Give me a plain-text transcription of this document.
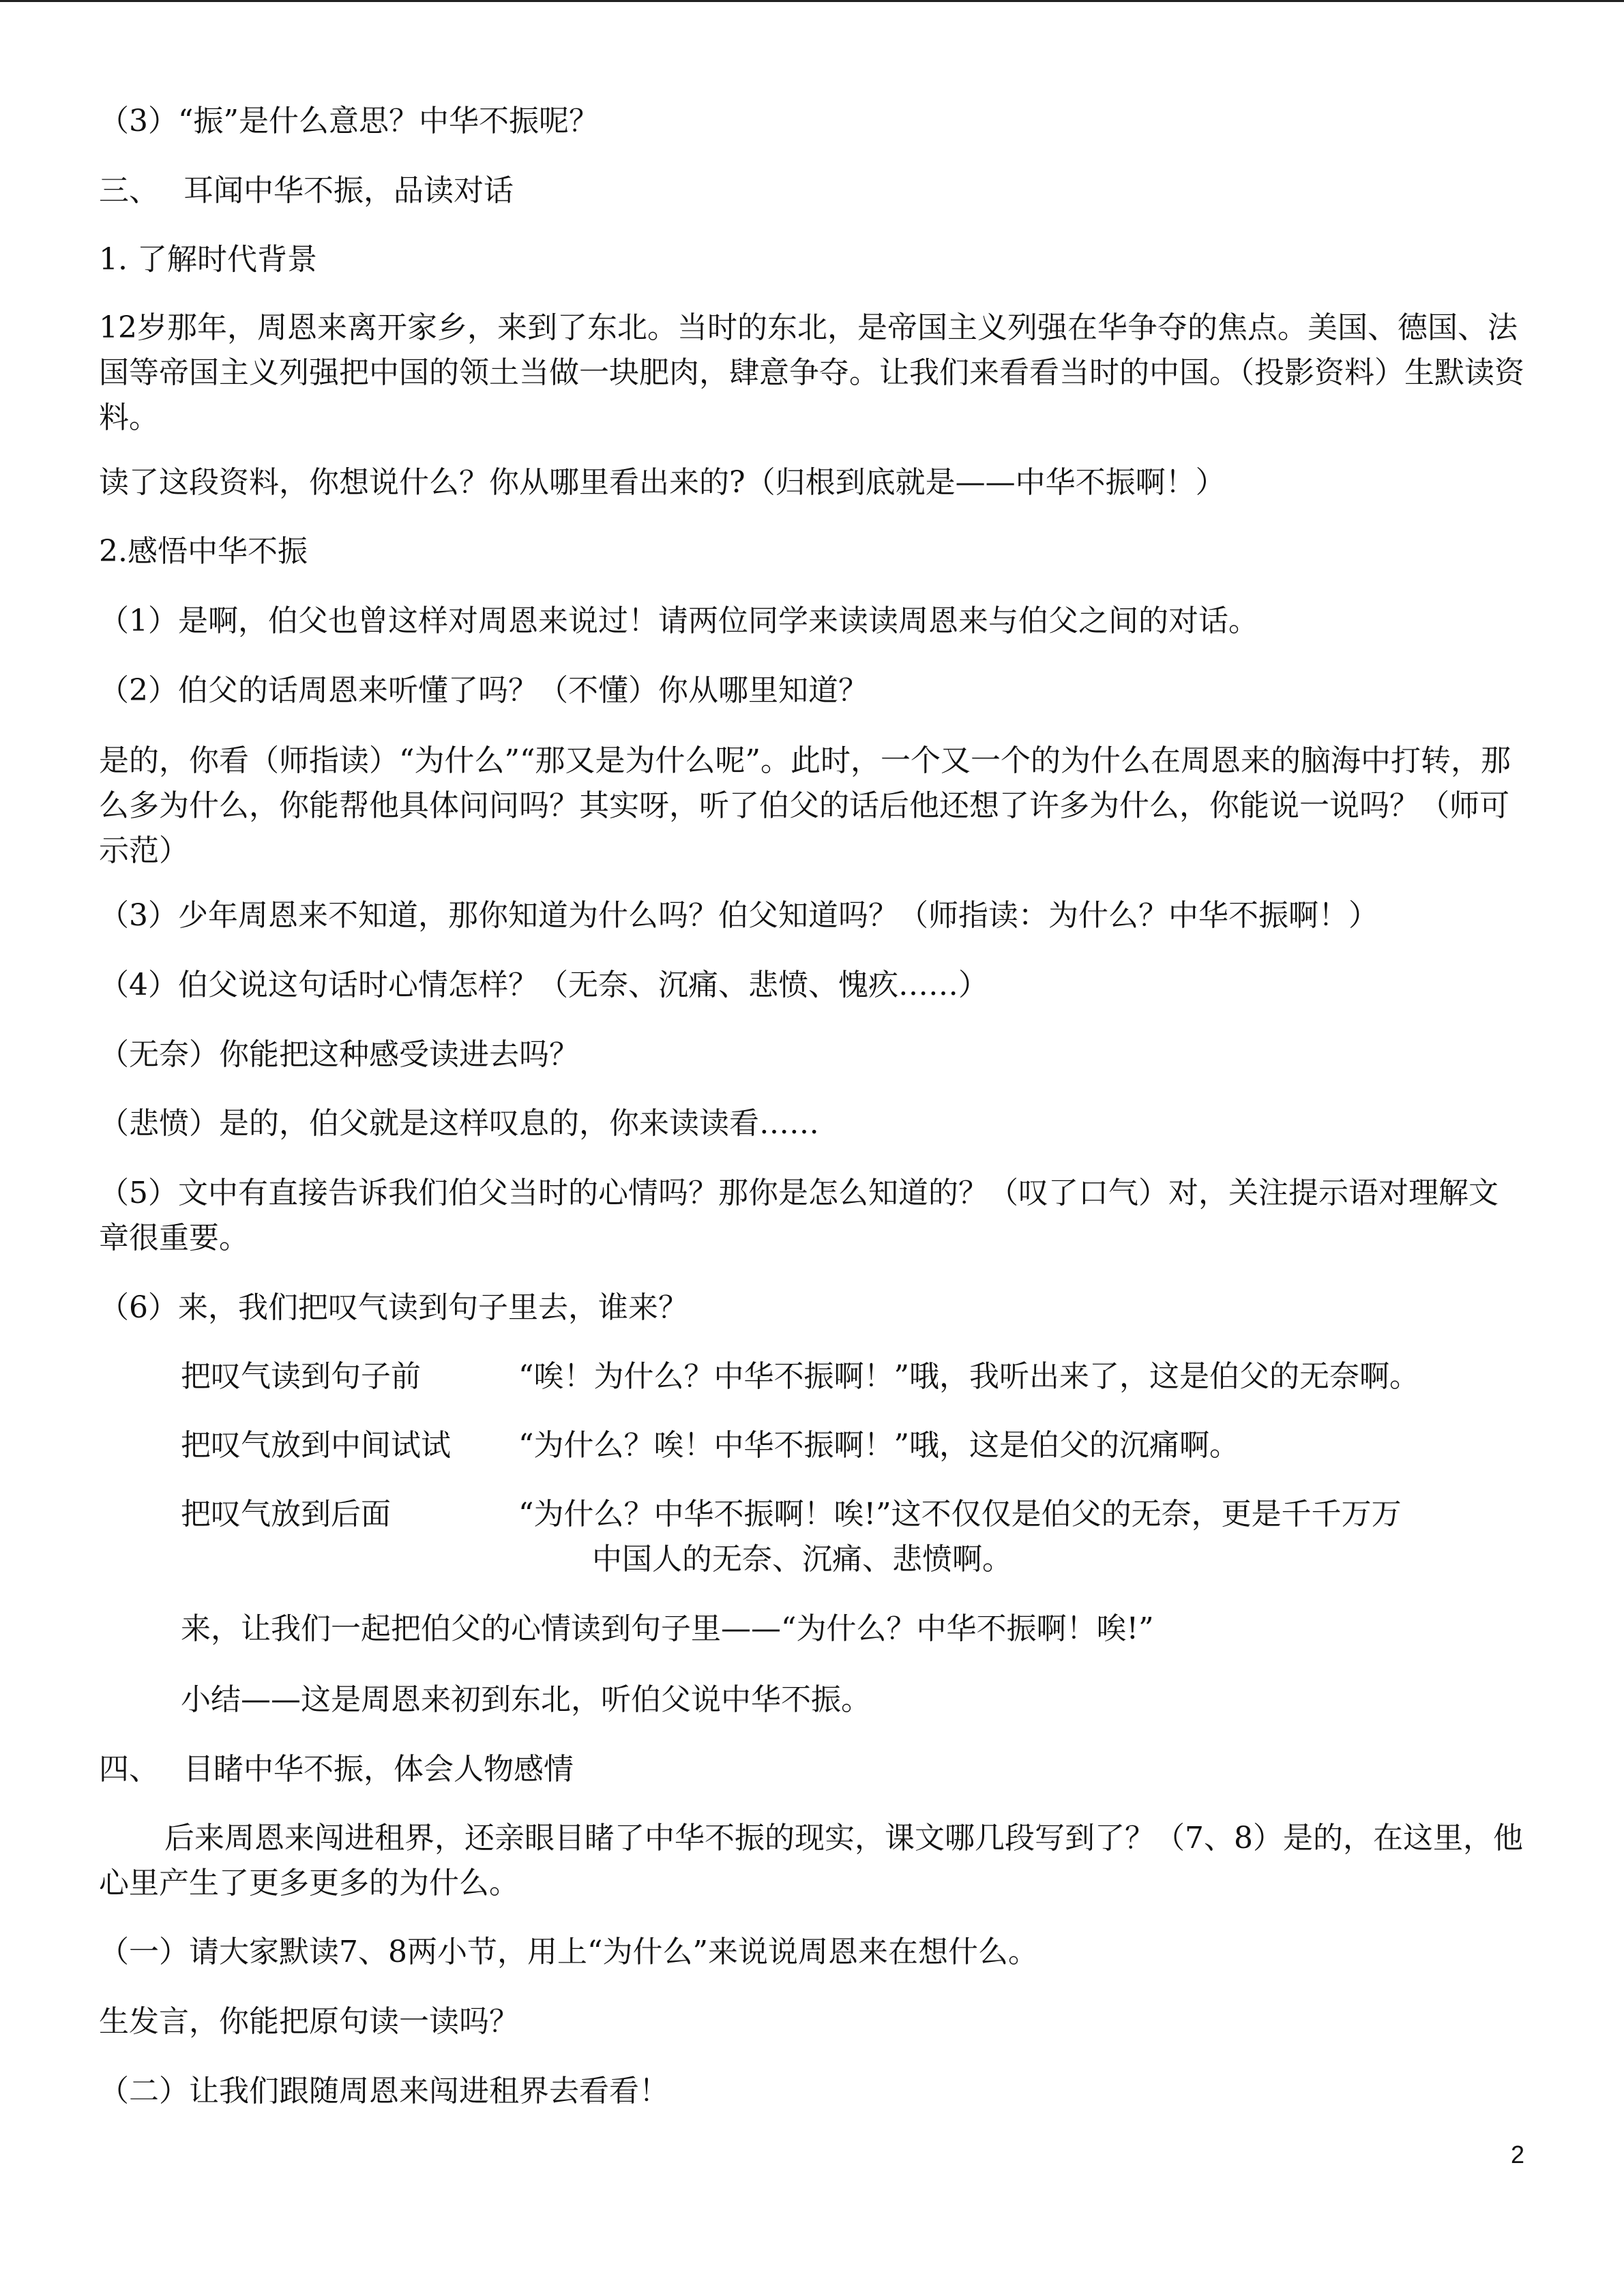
（3）“振”是什么意思？中华不振呢？

三、　 耳闻中华不振，品读对话

1. 了解时代背景

12岁那年，周恩来离开家乡，来到了东北。当时的东北，是帝国主义列强在华争夺的焦点。美国、德国、法国等帝国主义列强把中国的领土当做一块肥肉，肆意争夺。让我们来看看当时的中国。（投影资料）生默读资料。

读了这段资料，你想说什么？你从哪里看出来的?（归根到底就是——中华不振啊！）

2.感悟中华不振

（1）是啊，伯父也曾这样对周恩来说过！请两位同学来读读周恩来与伯父之间的对话。

（2）伯父的话周恩来听懂了吗？（不懂）你从哪里知道？

是的，你看（师指读）“为什么”“那又是为什么呢”。此时，一个又一个的为什么在周恩来的脑海中打转，那么多为什么，你能帮他具体问问吗？其实呀，听了伯父的话后他还想了许多为什么，你能说一说吗？（师可示范）

（3）少年周恩来不知道，那你知道为什么吗？伯父知道吗？（师指读：为什么？中华不振啊！）

（4）伯父说这句话时心情怎样？（无奈、沉痛、悲愤、愧疚……）

（无奈）你能把这种感受读进去吗？

（悲愤）是的，伯父就是这样叹息的，你来读读看……

（5）文中有直接告诉我们伯父当时的心情吗？那你是怎么知道的？（叹了口气）对，关注提示语对理解文章很重要。

（6）来，我们把叹气读到句子里去，谁来？

把叹气读到句子前	“唉！为什么？中华不振啊！”哦，我听出来了，这是伯父的无奈啊。
把叹气放到中间试试 “为什么？唉！中华不振啊！”哦，这是伯父的沉痛啊。
把叹气放到后面	“为什么？中华不振啊！唉!”这不仅仅是伯父的无奈，更是千千万万
中国人的无奈、沉痛、悲愤啊。
来，让我们一起把伯父的心情读到句子里——“为什么？中华不振啊！唉!”
小结——这是周恩来初到东北，听伯父说中华不振。

四、　 目睹中华不振，体会人物感情

后来周恩来闯进租界，还亲眼目睹了中华不振的现实，课文哪几段写到了？（7、8）是的，在这里，他心里产生了更多更多的为什么。

（一）请大家默读7、8两小节，用上“为什么”来说说周恩来在想什么。

生发言，你能把原句读一读吗？

（二）让我们跟随周恩来闯进租界去看看！

2
